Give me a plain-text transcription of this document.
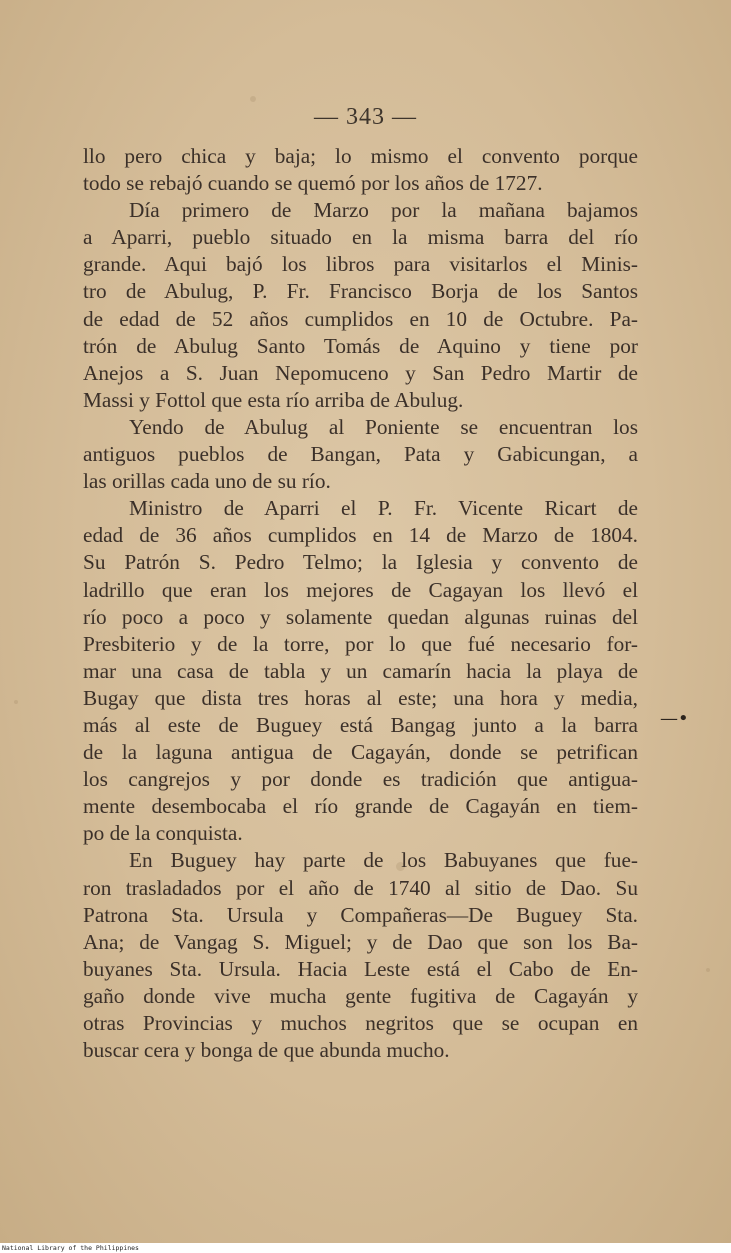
— 343 —
llo pero chica y baja; lo mismo el convento porque
todo se rebajó cuando se quemó por los años de 1727.
Día primero de Marzo por la mañana bajamos
a Aparri, pueblo situado en la misma barra del río
grande. Aqui bajó los libros para visitarlos el Minis-
tro de Abulug, P. Fr. Francisco Borja de los Santos
de edad de 52 años cumplidos en 10 de Octubre. Pa-
trón de Abulug Santo Tomás de Aquino y tiene por
Anejos a S. Juan Nepomuceno y San Pedro Martir de
Massi y Fottol que esta río arriba de Abulug.
Yendo de Abulug al Poniente se encuentran los
antiguos pueblos de Bangan, Pata y Gabicungan, a
las orillas cada uno de su río.
Ministro de Aparri el P. Fr. Vicente Ricart de
edad de 36 años cumplidos en 14 de Marzo de 1804.
Su Patrón S. Pedro Telmo; la Iglesia y convento de
ladrillo que eran los mejores de Cagayan los llevó el
río poco a poco y solamente quedan algunas ruinas del
Presbiterio y de la torre, por lo que fué necesario for-
mar una casa de tabla y un camarín hacia la playa de
Bugay que dista tres horas al este; una hora y media,
más al este de Buguey está Bangag junto a la barra
de la laguna antigua de Cagayán, donde se petrifican
los cangrejos y por donde es tradición que antigua-
mente desembocaba el río grande de Cagayán en tiem-
po de la conquista.
En Buguey hay parte de los Babuyanes que fue-
ron trasladados por el año de 1740 al sitio de Dao. Su
Patrona Sta. Ursula y Compañeras—De Buguey Sta.
Ana; de Vangag S. Miguel; y de Dao que son los Ba-
buyanes Sta. Ursula. Hacia Leste está el Cabo de En-
gaño donde vive mucha gente fugitiva de Cagayán y
otras Provincias y muchos negritos que se ocupan en
buscar cera y bonga de que abunda mucho.
—•
National Library of the Philippines
